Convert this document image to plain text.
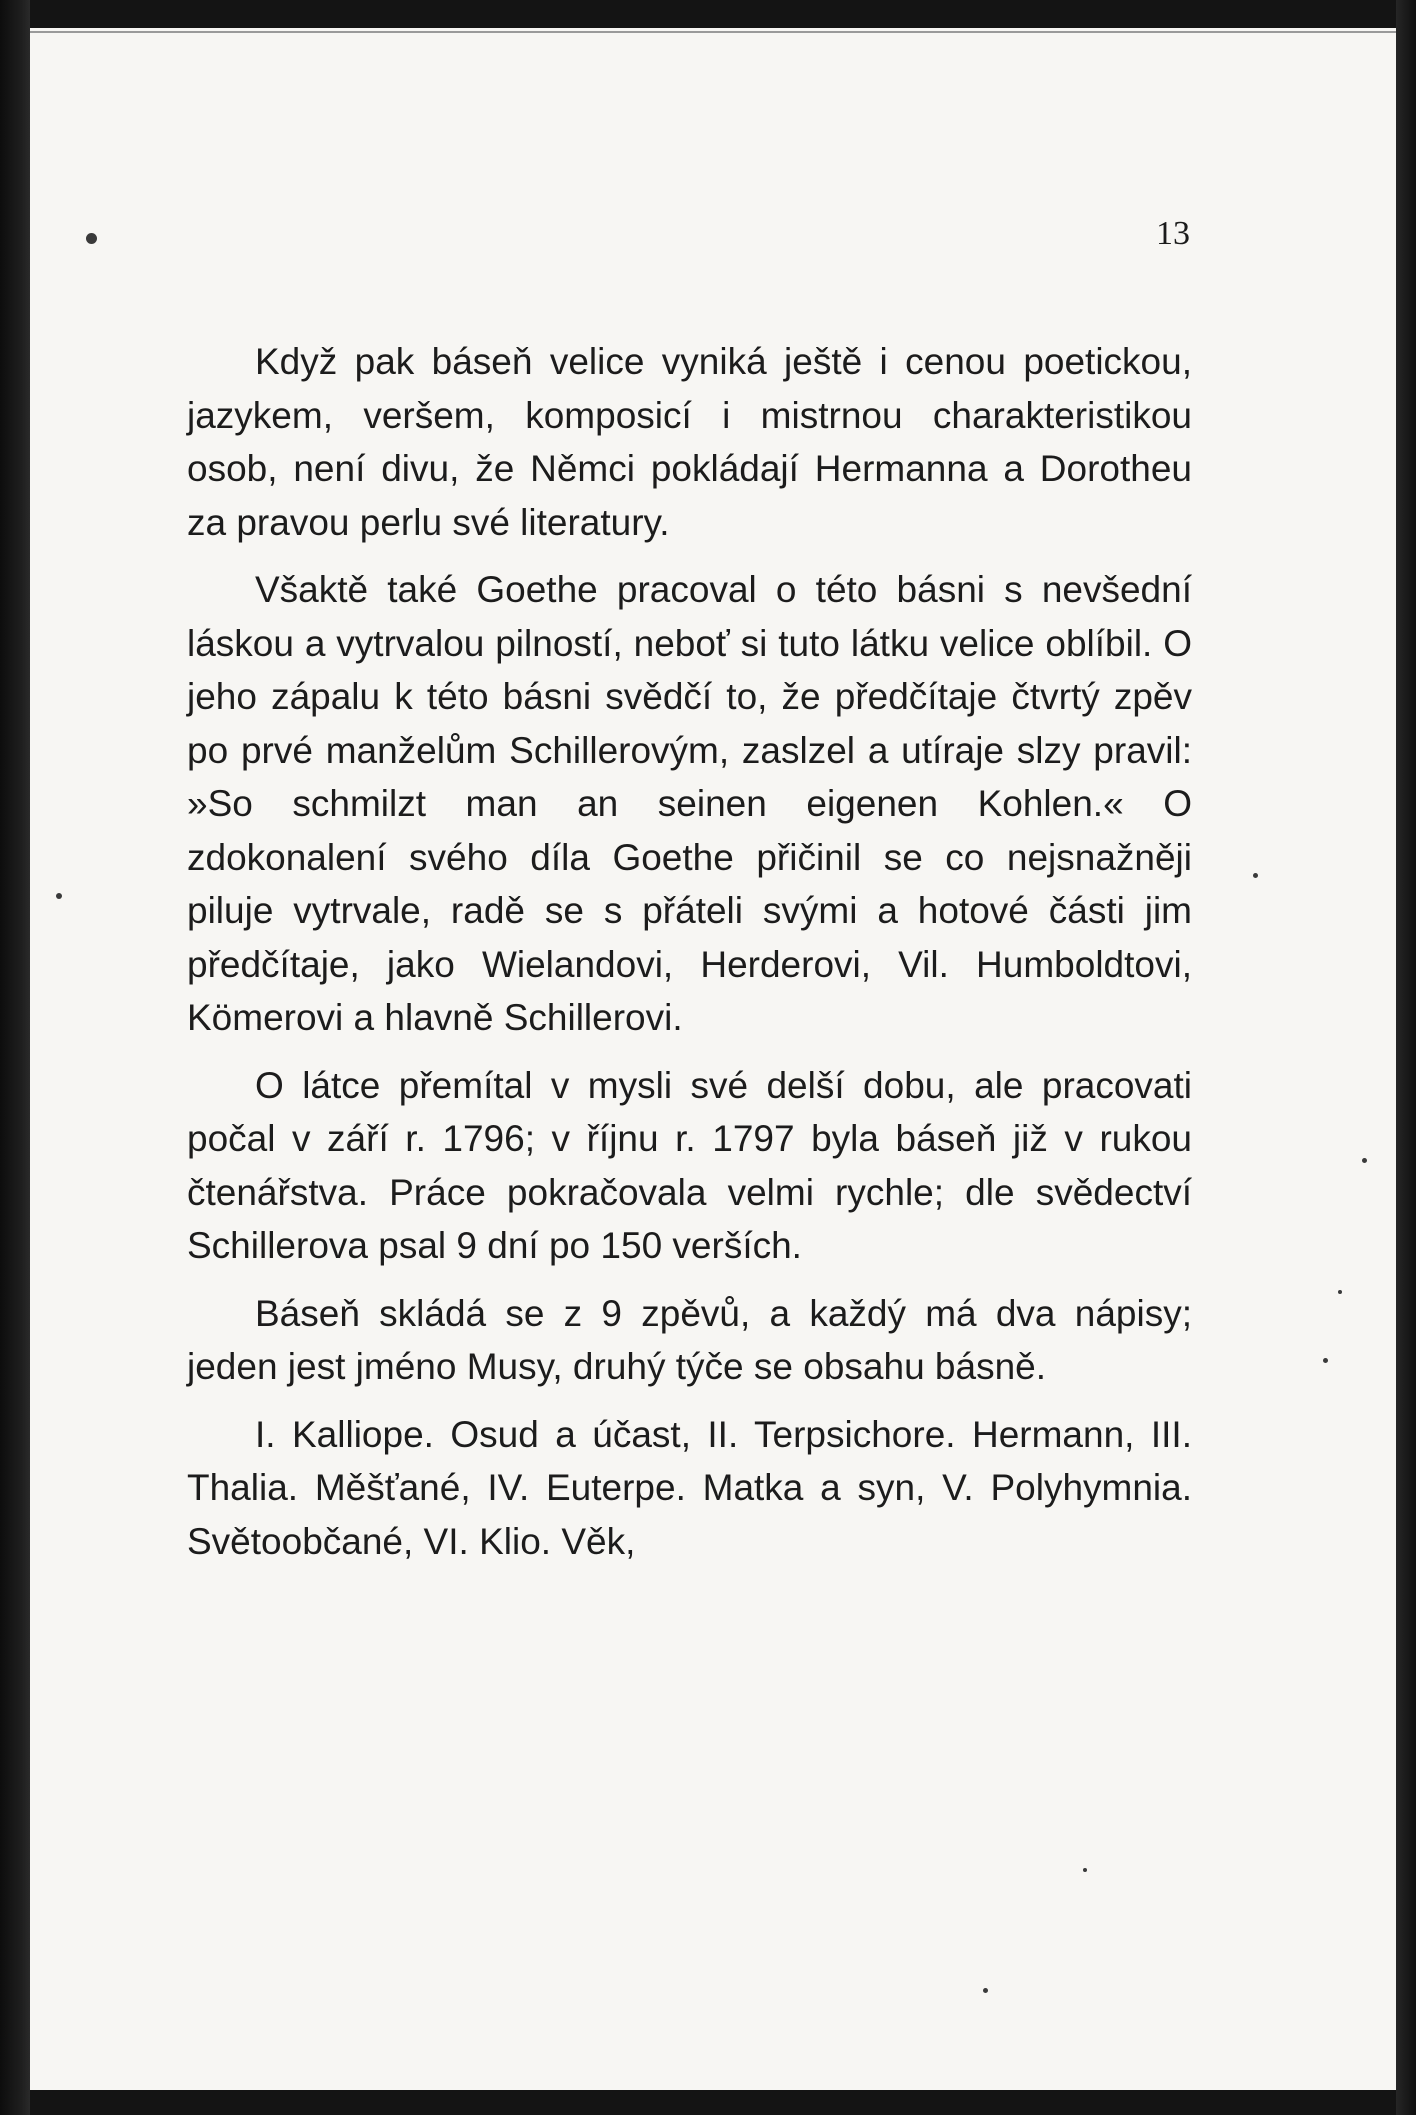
13

Když pak báseň velice vyniká ještě i cenou poetickou, jazykem, veršem, komposicí i mistrnou charakteristikou osob, není divu, že Němci pokládají Hermanna a Dorotheu za pravou perlu své literatury.

Všaktě také Goethe pracoval o této básni s nevšední láskou a vytrvalou pilností, neboť si tuto látku velice oblíbil. O jeho zápalu k této básni svědčí to, že předčítaje čtvrtý zpěv po prvé manželům Schillerovým, zaslzel a utíraje slzy pravil: »So schmilzt man an seinen eigenen Kohlen.« O zdokonalení svého díla Goethe přičinil se co nejsnažněji piluje vytrvale, radě se s přáteli svými a hotové části jim předčítaje, jako Wielandovi, Herderovi, Vil. Humboldtovi, Kömerovi a hlavně Schillerovi.

O látce přemítal v mysli své delší dobu, ale pracovati počal v září r. 1796; v říjnu r. 1797 byla báseň již v rukou čtenářstva. Práce pokračovala velmi rychle; dle svědectví Schillerova psal 9 dní po 150 verších.

Báseň skládá se z 9 zpěvů, a každý má dva nápisy; jeden jest jméno Musy, druhý týče se obsahu básně.

I. Kalliope. Osud a účast, II. Terpsichore. Hermann, III. Thalia. Měšťané, IV. Euterpe. Matka a syn, V. Polyhymnia. Světoobčané, VI. Klio. Věk,
